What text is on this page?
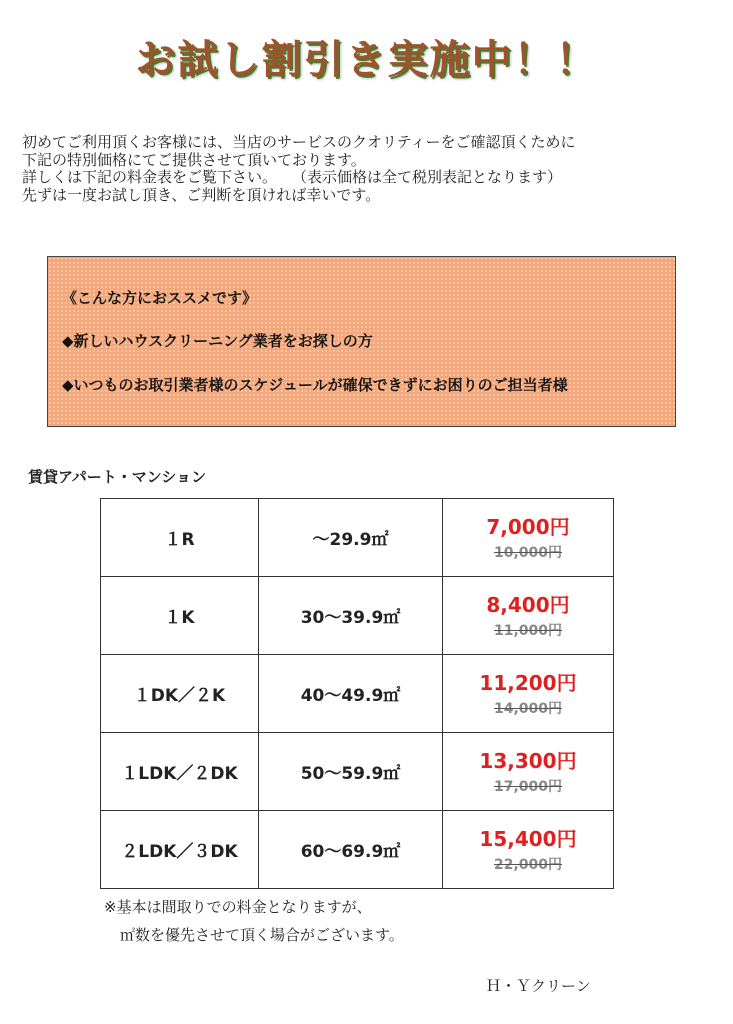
お試し割引き実施中！！

初めてご利用頂くお客様には、当店のサービスのクオリティーをご確認頂くために

下記の特別価格にてご提供させて頂いております。

詳しくは下記の料金表をご覧下さい。　　（表示価格は全て税別表記となります）

先ずは一度お試し頂き、ご判断を頂ければ幸いです。

《こんな方におススメです》
◆新しいハウスクリーニング業者をお探しの方
◆いつものお取引業者様のスケジュールが確保できずにお困りのご担当者様
賃貸アパート・マンション
１R	～29.9㎡	7,000円
10,000円

１K	30～39.9㎡	8,400円
11,000円

１DK／２K	40～49.9㎡	11,200円
14,000円

１LDK／２DK	50～59.9㎡	13,300円
17,000円

２LDK／３DK	60～69.9㎡	15,400円
22,000円

※基本は間取りでの料金となりますが、

㎡数を優先させて頂く場合がございます。

Ｈ・Ｙクリーン
